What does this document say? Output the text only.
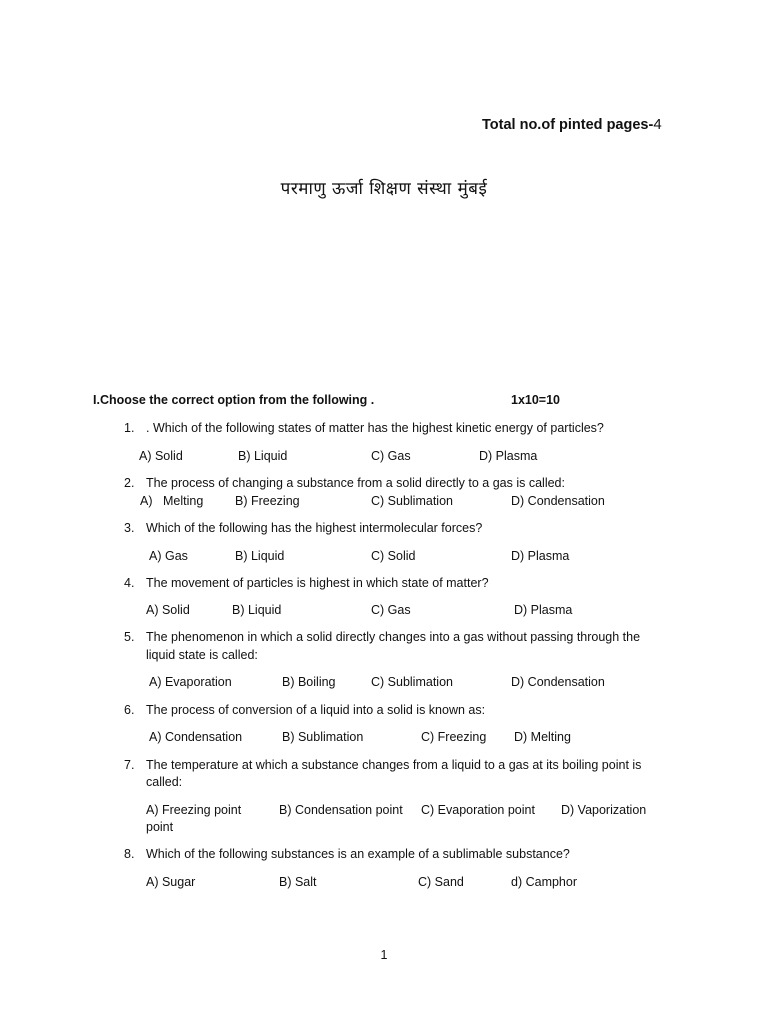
Total no.of pinted pages-4
परमाणु ऊर्जा शिक्षण संस्था मुंबई
I.Choose the correct option from the following .	1x10=10
1. . Which of the following states of matter has the highest kinetic energy of particles?
A) Solid	B) Liquid	C) Gas	D) Plasma
2. The process of changing a substance from a solid directly to a gas is called:
A) Melting	B) Freezing	C) Sublimation	D) Condensation
3. Which of the following has the highest intermolecular forces?
A) Gas	B) Liquid	C) Solid	D) Plasma
4. The movement of particles is highest in which state of matter?
A) Solid	B) Liquid	C) Gas	D) Plasma
5. The phenomenon in which a solid directly changes into a gas without passing through the
liquid state is called:
A) Evaporation	B) Boiling	C) Sublimation	D) Condensation
6. The process of conversion of a liquid into a solid is known as:
A) Condensation	B) Sublimation	C) Freezing D) Melting
7. The temperature at which a substance changes from a liquid to a gas at its boiling point is
called:
A) Freezing point	B) Condensation point C) Evaporation point D) Vaporization
point
8. Which of the following substances is an example of a sublimable substance?
A) Sugar	B) Salt	C) Sand	d) Camphor
1
